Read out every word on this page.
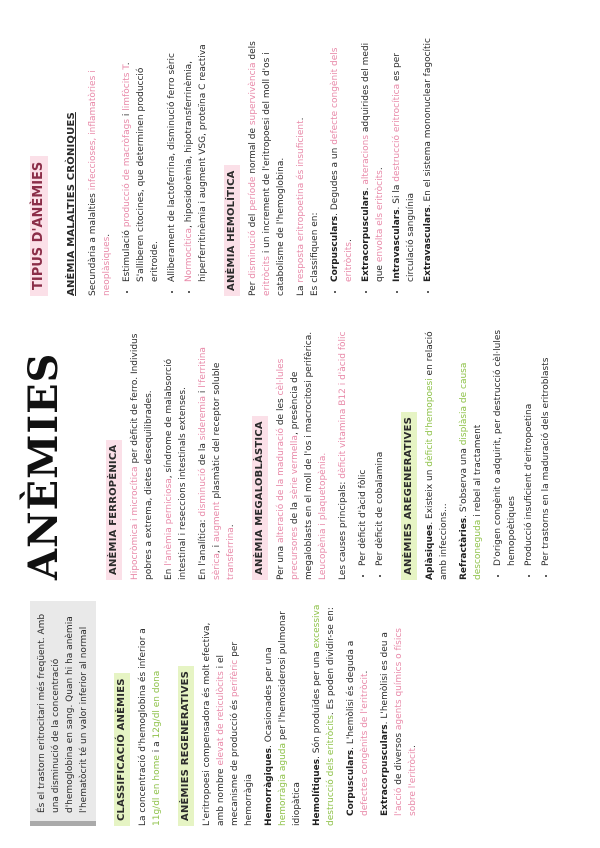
És el trastorn eritrocitari més freqüent. Amb una disminució de la concentració d'hemoglobina en sang. Quan hi ha anèmia l'hematòcrit té un valor inferior al normal	CLASSIFICACIÓ ANÈMIES La concentració d'hemoglobina és inferior a 11g/dl en home i a 12g/dl en dona ANÈMIES REGENERATIVES L'eritropoesi compensadora és molt efectiva, amb nombre elevat de reticulòcits i el mecanisme de producció és perifèric per hemorràgia Hemorràgiques. Ocasionades per una hemorràgia aguda per l'hemosiderosi pulmonar idiopàtica Hemolítiques. Són produïdes per una excessiva destrucció dels eritròcits. Es poden dividir-se en:

Corpusculars. L'hemòlisi és deguda a defectes congènits de l'eritròcit.

Extracorpusculars. L'hemòlisi es deu a l'acció de diversos agents químics o físics sobre l'eritròcit.

ANÈMIES	ANÈMIA FERROPÈNICA Hipocròmica i microcítica per dèficit de ferro. Individus pobres a extrema, dietes desequilibrades. En l'anèmia perniciosa, síndrome de malabsorció intestinal i reseccions intestinals extenses. En l'analítica: disminució de la sideremia i l'ferritina sèrica, i augment plasmàtic del receptor soluble transferrina. ANÈMIA MEGALOBLÀSTICA Per una alteració de la maduració de les cèl·lules precursores de la sèrie vermella, presència de megaloblasts en el moll de l'os i macrocitosi perifèrica. Leucopènia i plaquetopènia. Les causes principals: dèficit vitamina B12 i d'àcid fòlic

• Per dèficit d'àcid fòlic • Per dèficit de cobalamina ANÈMIES AREGENERATIVES Aplàsiques. Existeix un dèficit d'hemopoesi en relació amb infeccions... Refractàries. S'observa una displàsia de causa desconeguda i rebel al tractament • D'origen congènit o adquirit, per destrucció cèl·lules hemopoètiques • Producció insuficient d'eritropoetina • Per trastorns en la maduració dels eritroblasts
TIPUS D'ANÈMIES ANÈMIA MALALTIES CRÒNIQUES Secundària a malalties infeccioses, inflamatòries i neoplàsiques. • Estimulació producció de macròfags i limfòcits T. S'alliberen citocines, que determinen producció eritroide. • Alliberament de lactoferrina, disminució ferro sèric • Normocítica, hiposidorèmia, hipotransferrinèmia, hiperferritinèmia i augment VSG, proteïna C reactiva ANÈMIA HEMOLÍTICA Per disminució del període normal de supervivència dels eritròcits i un increment de l'eritropoesi del moll d'os i catabolisme de l'hemoglobina. La resposta eritropoetina és insuficient.

Es classifiquen en: • Corpusculars. Degudes a un defecte congènit dels eritròcits. • Extracorpusculars. alteracions adquirides del medi que envolta els eritròcits.
• Intravasculars. Si la destrucció eritrocítica es per circulació sanguínia • Extravasculars. En el sistema mononuclear fagocític
